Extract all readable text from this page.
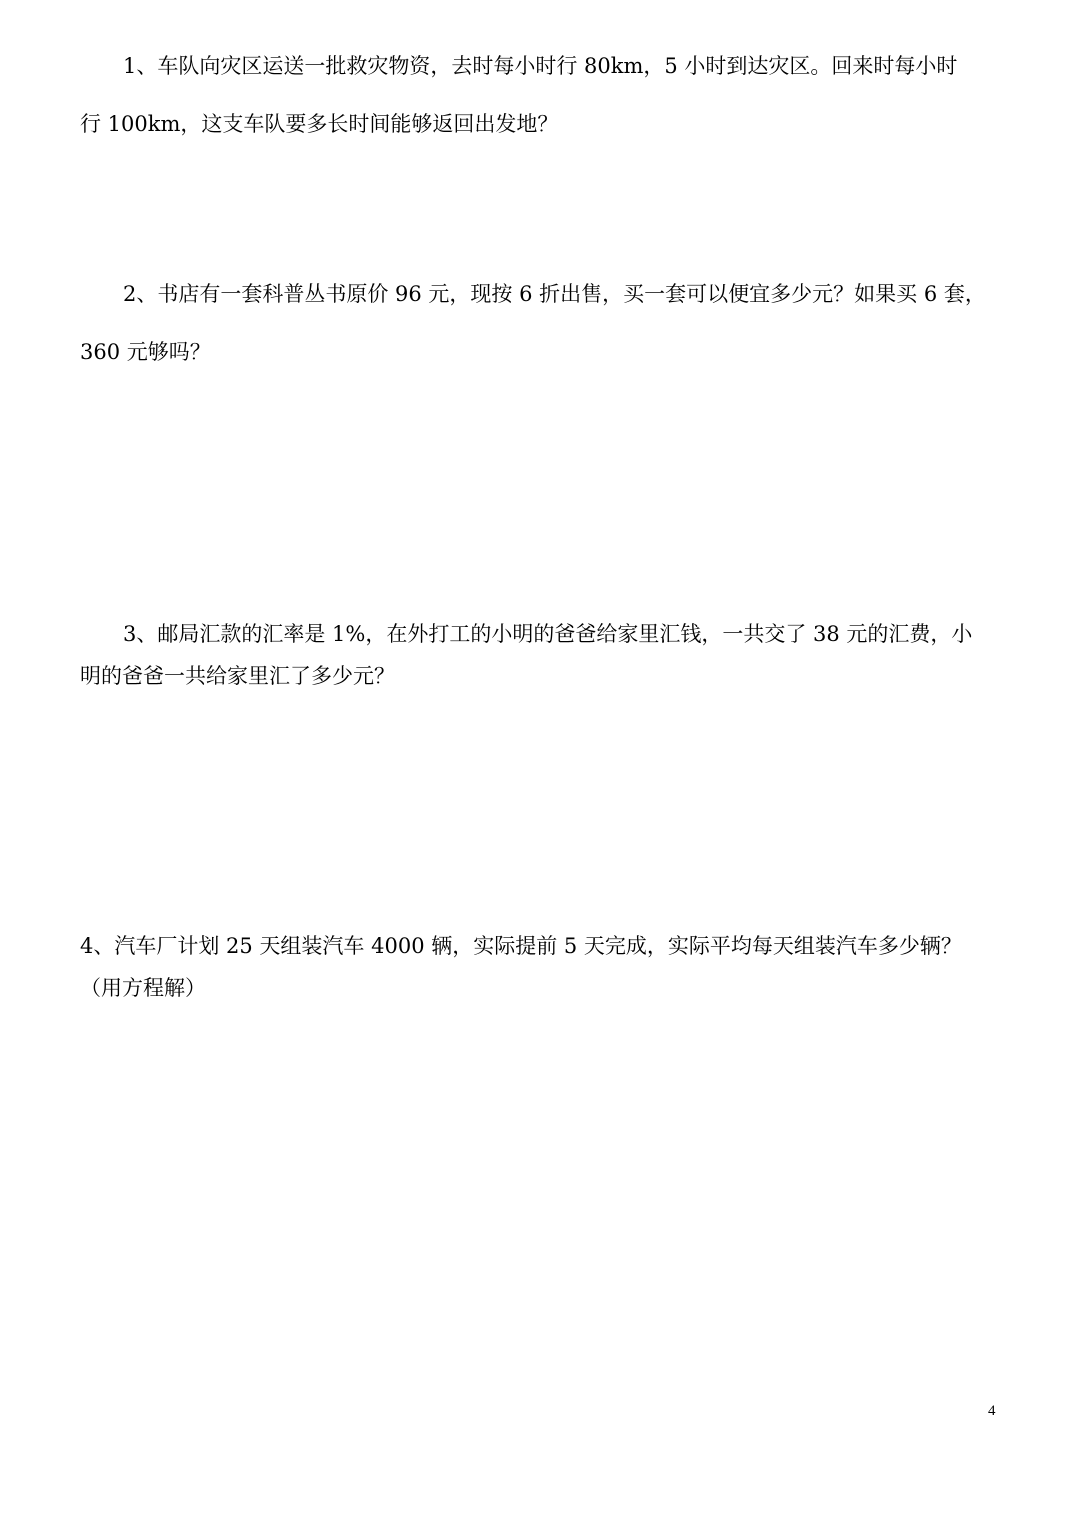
1、车队向灾区运送一批救灾物资，去时每小时行 80km，5 小时到达灾区。回来时每小时
行 100km，这支车队要多长时间能够返回出发地？
2、书店有一套科普丛书原价 96 元，现按 6 折出售，买一套可以便宜多少元？如果买 6 套，
360 元够吗？
3、邮局汇款的汇率是 1%，在外打工的小明的爸爸给家里汇钱，一共交了 38 元的汇费，小
明的爸爸一共给家里汇了多少元？
4、汽车厂计划 25 天组装汽车 4000 辆，实际提前 5 天完成，实际平均每天组装汽车多少辆？
（用方程解）
4
